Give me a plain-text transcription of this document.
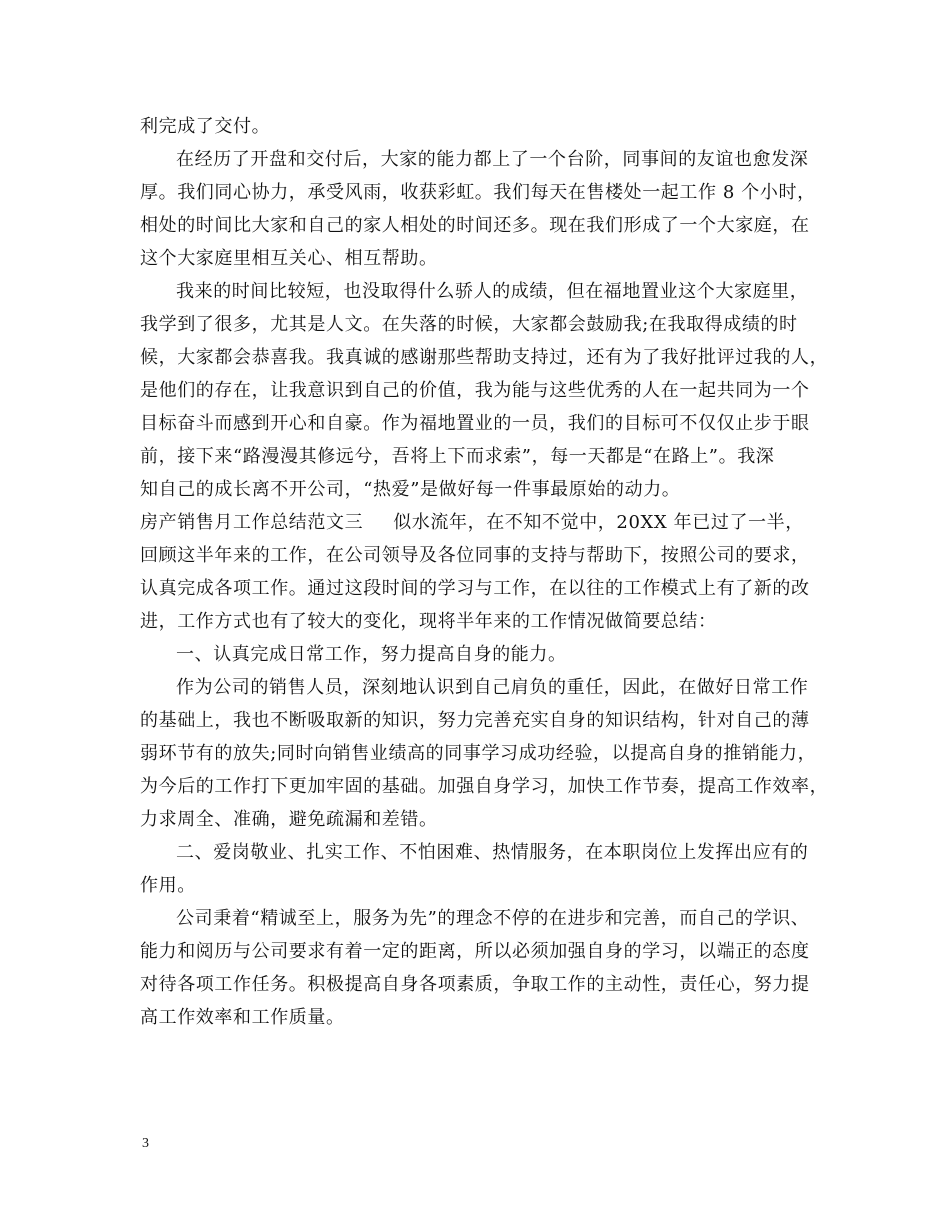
利完成了交付。
在经历了开盘和交付后，大家的能力都上了一个台阶，同事间的友谊也愈发深
厚。我们同心协力，承受风雨，收获彩虹。我们每天在售楼处一起工作 8 个小时，
相处的时间比大家和自己的家人相处的时间还多。现在我们形成了一个大家庭，在
这个大家庭里相互关心、相互帮助。
我来的时间比较短，也没取得什么骄人的成绩，但在福地置业这个大家庭里，
我学到了很多，尤其是人文。在失落的时候，大家都会鼓励我;在我取得成绩的时
候，大家都会恭喜我。我真诚的感谢那些帮助支持过，还有为了我好批评过我的人，
是他们的存在，让我意识到自己的价值，我为能与这些优秀的人在一起共同为一个
目标奋斗而感到开心和自豪。作为福地置业的一员，我们的目标可不仅仅止步于眼
前，接下来“路漫漫其修远兮，吾将上下而求索”，每一天都是“在路上”。我深
知自己的成长离不开公司，“热爱”是做好每一件事最原始的动力。
房产销售月工作总结范文三 似水流年，在不知不觉中，20XX 年已过了一半，
回顾这半年来的工作，在公司领导及各位同事的支持与帮助下，按照公司的要求，
认真完成各项工作。通过这段时间的学习与工作，在以往的工作模式上有了新的改
进，工作方式也有了较大的变化，现将半年来的工作情况做简要总结：
一、认真完成日常工作，努力提高自身的能力。
作为公司的销售人员，深刻地认识到自己肩负的重任，因此，在做好日常工作
的基础上，我也不断吸取新的知识，努力完善充实自身的知识结构，针对自己的薄
弱环节有的放失;同时向销售业绩高的同事学习成功经验，以提高自身的推销能力，
为今后的工作打下更加牢固的基础。加强自身学习，加快工作节奏，提高工作效率，
力求周全、准确，避免疏漏和差错。
二、爱岗敬业、扎实工作、不怕困难、热情服务，在本职岗位上发挥出应有的
作用。
公司秉着“精诚至上，服务为先”的理念不停的在进步和完善，而自己的学识、
能力和阅历与公司要求有着一定的距离，所以必须加强自身的学习，以端正的态度
对待各项工作任务。积极提高自身各项素质，争取工作的主动性，责任心，努力提
高工作效率和工作质量。
3
